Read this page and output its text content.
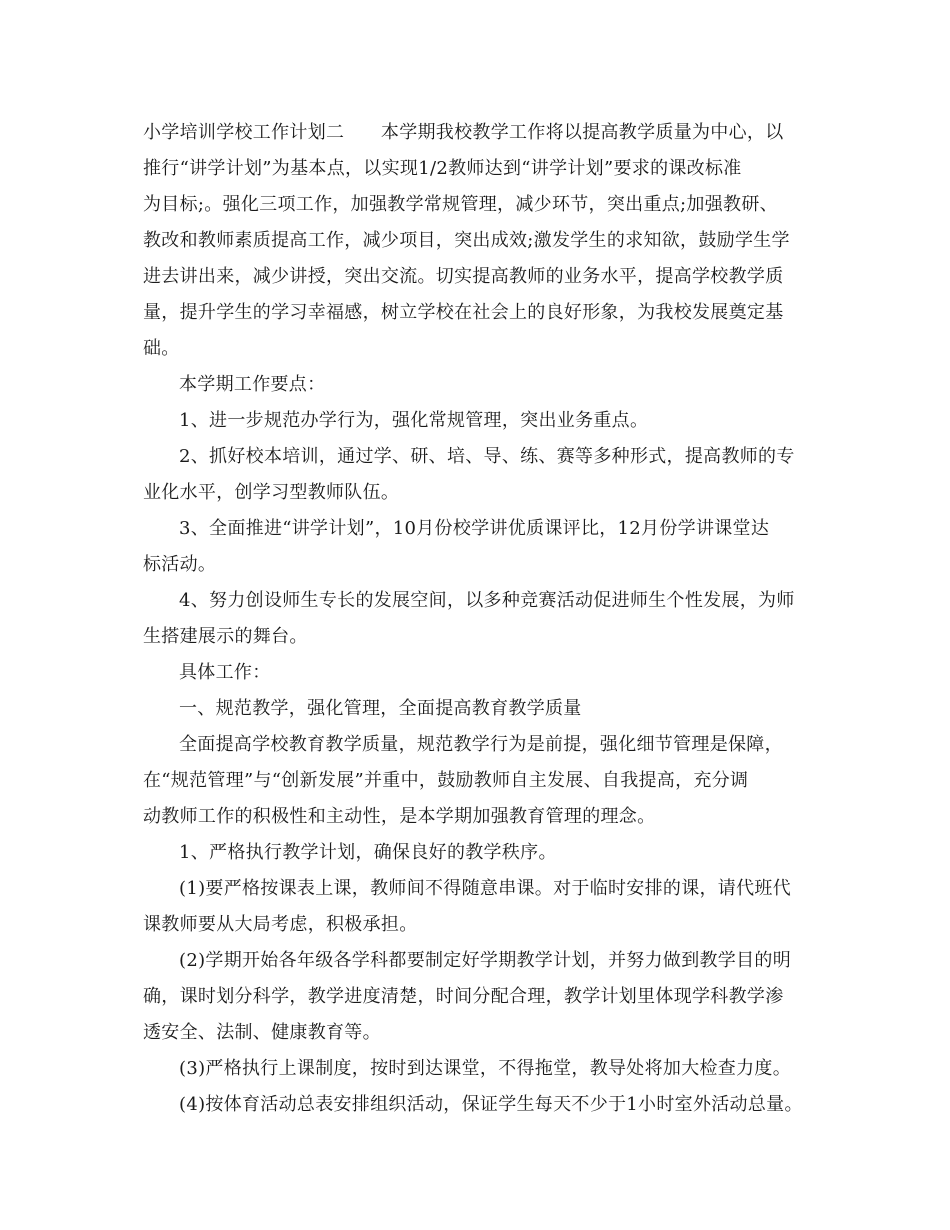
小学培训学校工作计划二　　本学期我校教学工作将以提高教学质量为中心，以
推行“讲学计划”为基本点，以实现1/2教师达到“讲学计划”要求的课改标准
为目标;。强化三项工作，加强教学常规管理，减少环节，突出重点;加强教研、
教改和教师素质提高工作，减少项目，突出成效;激发学生的求知欲，鼓励学生学
进去讲出来，减少讲授，突出交流。切实提高教师的业务水平，提高学校教学质
量，提升学生的学习幸福感，树立学校在社会上的良好形象，为我校发展奠定基
础。
本学期工作要点：
1、进一步规范办学行为，强化常规管理，突出业务重点。
2、抓好校本培训，通过学、研、培、导、练、赛等多种形式，提高教师的专
业化水平，创学习型教师队伍。
3、全面推进“讲学计划”，10月份校学讲优质课评比，12月份学讲课堂达
标活动。
4、努力创设师生专长的发展空间，以多种竞赛活动促进师生个性发展，为师
生搭建展示的舞台。
具体工作：
一、规范教学，强化管理，全面提高教育教学质量
全面提高学校教育教学质量，规范教学行为是前提，强化细节管理是保障，
在“规范管理”与“创新发展”并重中，鼓励教师自主发展、自我提高，充分调
动教师工作的积极性和主动性，是本学期加强教育管理的理念。
1、严格执行教学计划，确保良好的教学秩序。
(1)要严格按课表上课，教师间不得随意串课。对于临时安排的课，请代班代
课教师要从大局考虑，积极承担。
(2)学期开始各年级各学科都要制定好学期教学计划，并努力做到教学目的明
确，课时划分科学，教学进度清楚，时间分配合理，教学计划里体现学科教学渗
透安全、法制、健康教育等。
(3)严格执行上课制度，按时到达课堂，不得拖堂，教导处将加大检查力度。
(4)按体育活动总表安排组织活动，保证学生每天不少于1小时室外活动总量。
